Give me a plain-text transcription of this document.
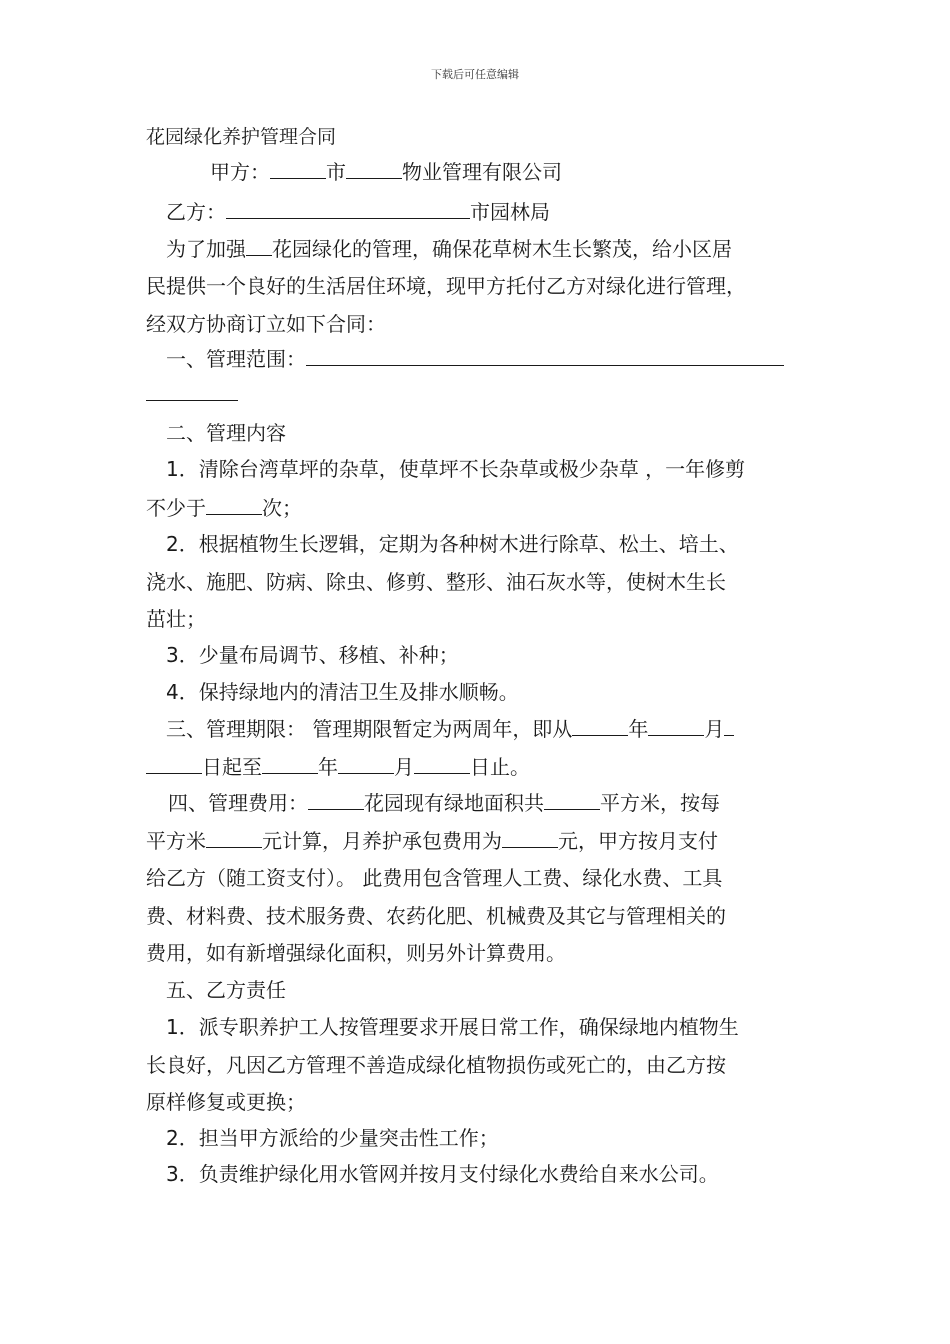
下载后可任意编辑
花园绿化养护管理合同
甲方：	市	物业管理有限公司
乙方：	市园林局
为了加强 花园绿化的管理，确保花草树木生长繁茂，给小区居
民提供一个良好的生活居住环境，现甲方托付乙方对绿化进行管理，
经双方协商订立如下合同：
一、管理范围：
二、管理内容
1．清除台湾草坪的杂草，使草坪不长杂草或极少杂草 ，一年修剪
不少于	次；
2．根据植物生长逻辑，定期为各种树木进行除草、松土、培土、
浇水、施肥、防病、除虫、修剪、整形、油石灰水等，使树木生长
茁壮；
3．少量布局调节、移植、补种；
4．保持绿地内的清洁卫生及排水顺畅。
三、管理期限： 管理期限暂定为两周年，即从	年	月
日起至	年	月	日止。
四、管理费用：	花园现有绿地面积共	平方米，按每
平方米	元计算，月养护承包费用为	元，甲方按月支付
给乙方（随工资支付）。 此费用包含管理人工费、绿化水费、工具
费、材料费、技术服务费、农药化肥、机械费及其它与管理相关的
费用，如有新增强绿化面积，则另外计算费用。
五、乙方责任
1．派专职养护工人按管理要求开展日常工作，确保绿地内植物生
长良好，凡因乙方管理不善造成绿化植物损伤或死亡的，由乙方按
原样修复或更换；
2．担当甲方派给的少量突击性工作；
3．负责维护绿化用水管网并按月支付绿化水费给自来水公司。
